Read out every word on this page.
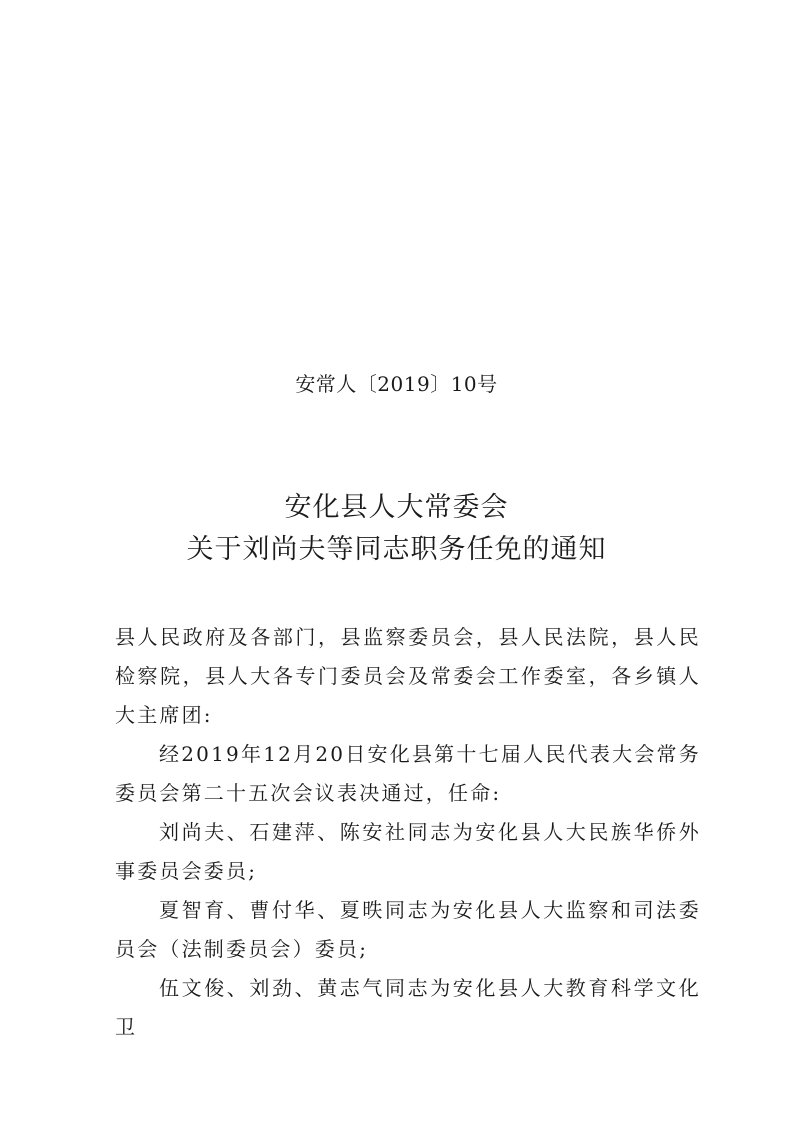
安常人〔2019〕10号
安化县人大常委会
关于刘尚夫等同志职务任免的通知

县人民政府及各部门，县监察委员会，县人民法院，县人民检察院，县人大各专门委员会及常委会工作委室，各乡镇人大主席团:

经2019年12月20日安化县第十七届人民代表大会常务委员会第二十五次会议表决通过，任命:

刘尚夫、石建萍、陈安社同志为安化县人大民族华侨外事委员会委员;

夏智育、曹付华、夏昳同志为安化县人大监察和司法委员会（法制委员会）委员;

伍文俊、刘劲、黄志气同志为安化县人大教育科学文化卫
